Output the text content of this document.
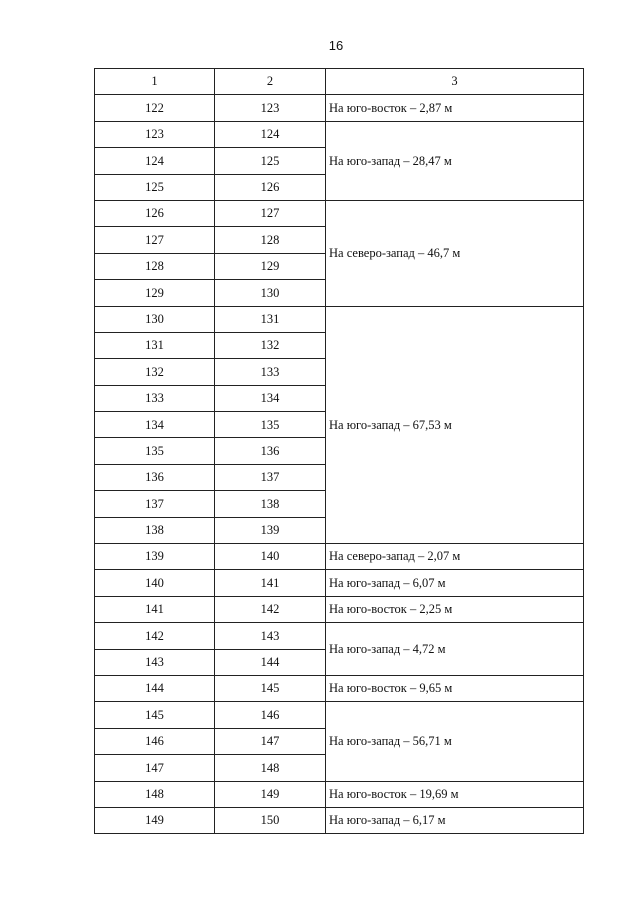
16
1	2	3
122	123	На юго-восток – 2,87 м
123	124	На юго-запад – 28,47 м
124	125	
125	126	
126	127	На северо-запад – 46,7 м
127	128	
128	129	
129	130	
130	131	На юго-запад – 67,53 м
131	132	
132	133	
133	134	
134	135	
135	136	
136	137	
137	138	
138	139	
139	140	На северо-запад – 2,07 м
140	141	На юго-запад – 6,07 м
141	142	На юго-восток – 2,25 м
142	143	На юго-запад – 4,72 м
143	144	
144	145	На юго-восток – 9,65 м
145	146	На юго-запад – 56,71 м
146	147	
147	148	
148	149	На юго-восток – 19,69 м
149	150	На юго-запад – 6,17 м
